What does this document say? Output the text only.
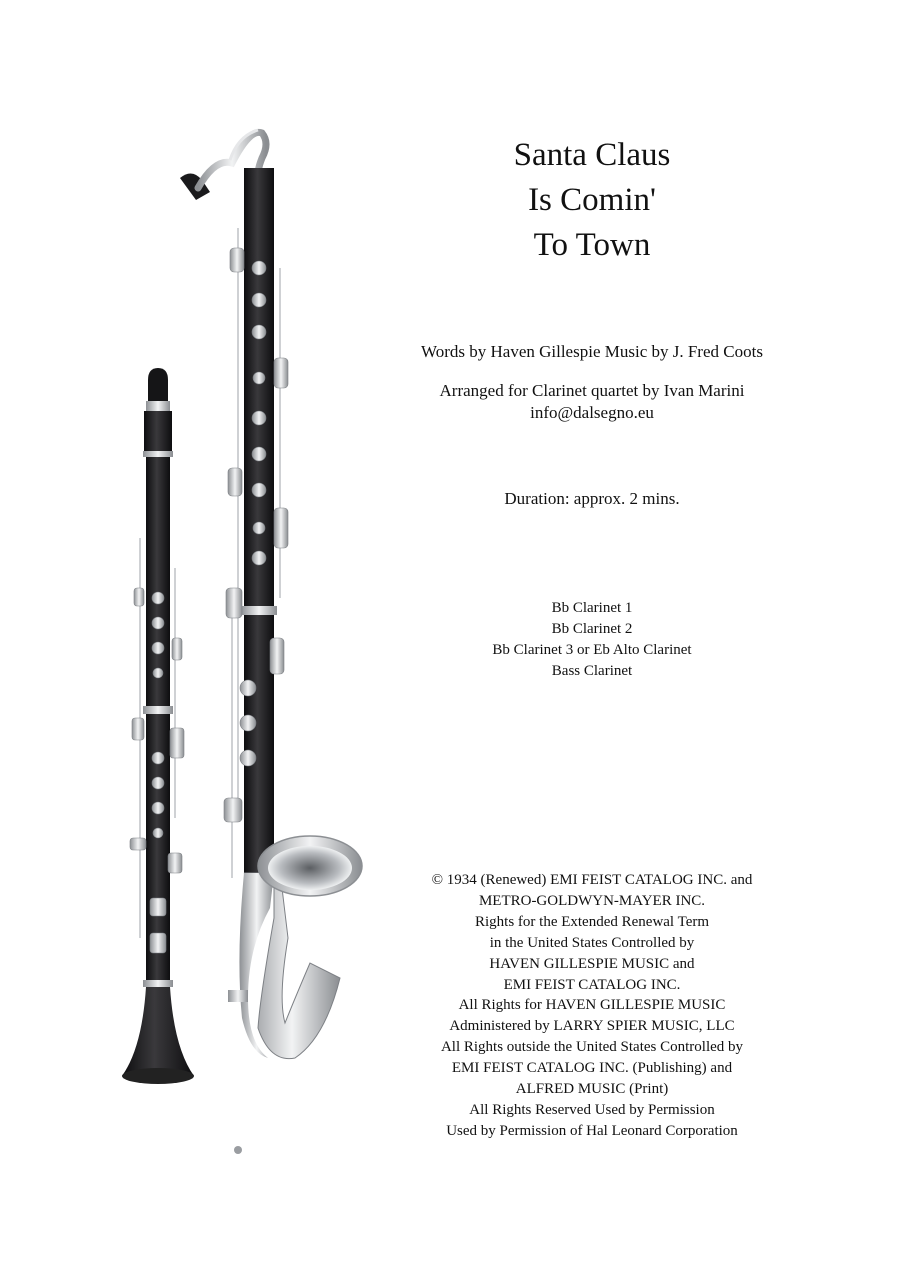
Santa Claus
Is Comin'
To Town
Words by Haven Gillespie Music by J. Fred Coots
Arranged for Clarinet quartet by Ivan Marini
info@dalsegno.eu
Duration: approx. 2 mins.
Bb Clarinet 1
Bb Clarinet 2
Bb Clarinet 3 or Eb Alto Clarinet
Bass Clarinet
© 1934 (Renewed) EMI FEIST CATALOG INC. and
METRO-GOLDWYN-MAYER INC.
Rights for the Extended Renewal Term
in the United States Controlled by
HAVEN GILLESPIE MUSIC and
EMI FEIST CATALOG INC.
All Rights for HAVEN GILLESPIE MUSIC
Administered by LARRY SPIER MUSIC, LLC
All Rights outside the United States Controlled by
EMI FEIST CATALOG INC. (Publishing) and
ALFRED MUSIC (Print)
All Rights Reserved Used by Permission
Used by Permission of Hal Leonard Corporation
